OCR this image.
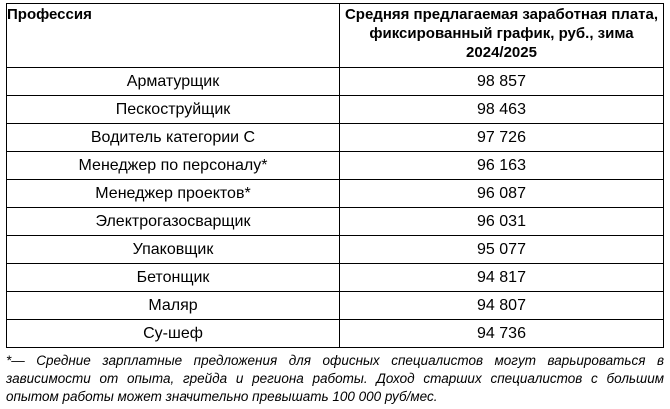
Профессия	Средняя предлагаемая заработная плата, фиксированный график, руб., зима 2024/2025
Арматурщик	98 857
Пескоструйщик	98 463
Водитель категории С	97 726
Менеджер по персоналу*	96 163
Менеджер проектов*	96 087
Электрогазосварщик	96 031
Упаковщик	95 077
Бетонщик	94 817
Маляр	94 807
Су-шеф	94 736
*— Средние зарплатные предложения для офисных специалистов могут варьироваться в зависимости от опыта, грейда и региона работы. Доход старших специалистов с большим опытом работы может значительно превышать 100 000 руб/мес.
